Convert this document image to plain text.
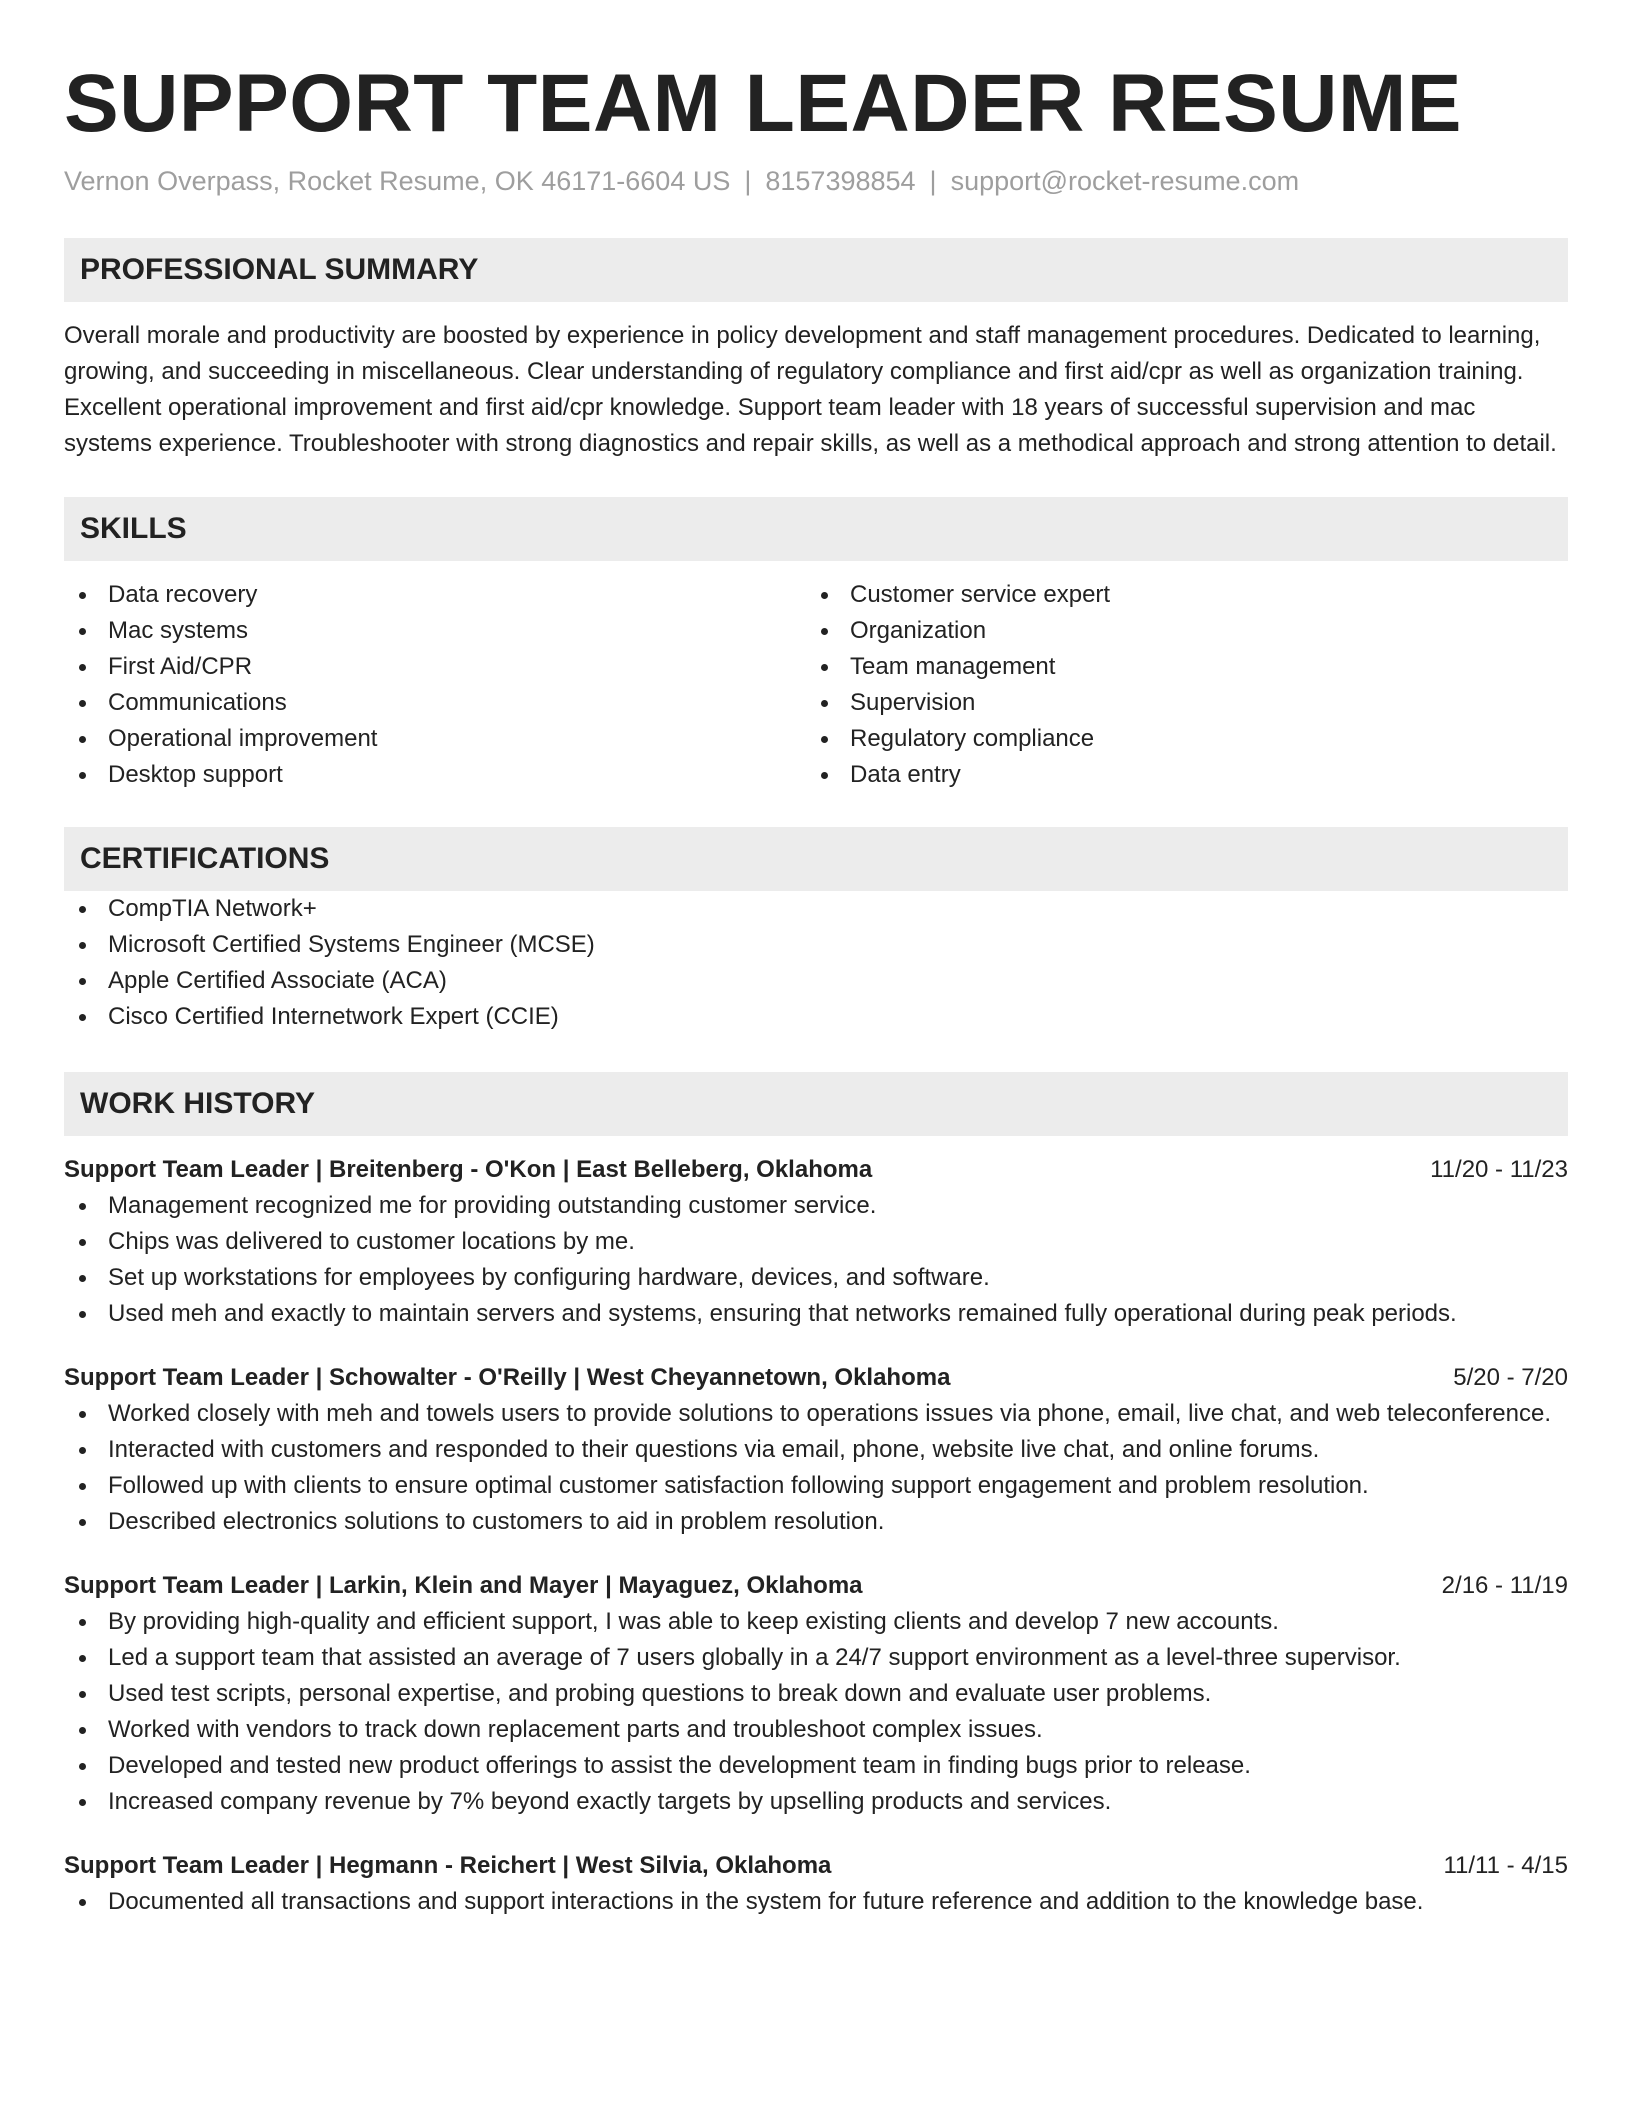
SUPPORT TEAM LEADER RESUME
Vernon Overpass, Rocket Resume, OK 46171-6604 US | 8157398854 | support@rocket-resume.com
PROFESSIONAL SUMMARY
Overall morale and productivity are boosted by experience in policy development and staff management procedures. Dedicated to learning, growing, and succeeding in miscellaneous. Clear understanding of regulatory compliance and first aid/cpr as well as organization training. Excellent operational improvement and first aid/cpr knowledge. Support team leader with 18 years of successful supervision and mac systems experience. Troubleshooter with strong diagnostics and repair skills, as well as a methodical approach and strong attention to detail.
SKILLS
Data recovery
Mac systems
First Aid/CPR
Communications
Operational improvement
Desktop support
Customer service expert
Organization
Team management
Supervision
Regulatory compliance
Data entry
CERTIFICATIONS
CompTIA Network+
Microsoft Certified Systems Engineer (MCSE)
Apple Certified Associate (ACA)
Cisco Certified Internetwork Expert (CCIE)
WORK HISTORY
Support Team Leader | Breitenberg - O'Kon | East Belleberg, Oklahoma	11/20 - 11/23
Management recognized me for providing outstanding customer service.
Chips was delivered to customer locations by me.
Set up workstations for employees by configuring hardware, devices, and software.
Used meh and exactly to maintain servers and systems, ensuring that networks remained fully operational during peak periods.
Support Team Leader | Schowalter - O'Reilly | West Cheyannetown, Oklahoma	5/20 - 7/20
Worked closely with meh and towels users to provide solutions to operations issues via phone, email, live chat, and web teleconference.
Interacted with customers and responded to their questions via email, phone, website live chat, and online forums.
Followed up with clients to ensure optimal customer satisfaction following support engagement and problem resolution.
Described electronics solutions to customers to aid in problem resolution.
Support Team Leader | Larkin, Klein and Mayer | Mayaguez, Oklahoma	2/16 - 11/19
By providing high-quality and efficient support, I was able to keep existing clients and develop 7 new accounts.
Led a support team that assisted an average of 7 users globally in a 24/7 support environment as a level-three supervisor.
Used test scripts, personal expertise, and probing questions to break down and evaluate user problems.
Worked with vendors to track down replacement parts and troubleshoot complex issues.
Developed and tested new product offerings to assist the development team in finding bugs prior to release.
Increased company revenue by 7% beyond exactly targets by upselling products and services.
Support Team Leader | Hegmann - Reichert | West Silvia, Oklahoma	11/11 - 4/15
Documented all transactions and support interactions in the system for future reference and addition to the knowledge base.
